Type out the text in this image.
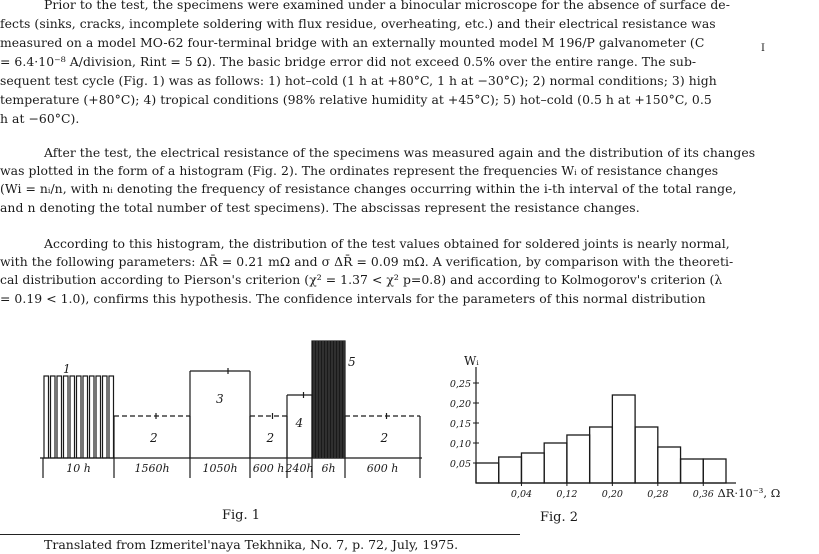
Prior to the test, the specimens were examined under a binocular microscope for the absence of surface de-
fects (sinks, cracks, incomplete soldering with flux residue, overheating, etc.) and their electrical resistance was
measured on a model MO-62 four-terminal bridge with an externally mounted model M 196/P galvanometer (C	I
= 6.4·10⁻⁸ A/division, Rint = 5 Ω). The basic bridge error did not exceed 0.5% over the entire range. The sub-
sequent test cycle (Fig. 1) was as follows: 1) hot–cold (1 h at +80°C, 1 h at −30°C); 2) normal conditions; 3) high
temperature (+80°C); 4) tropical conditions (98% relative humidity at +45°C); 5) hot–cold (0.5 h at +150°C, 0.5
h at −60°C).
After the test, the electrical resistance of the specimens was measured again and the distribution of its changes
was plotted in the form of a histogram (Fig. 2). The ordinates represent the frequencies Wᵢ of resistance changes
(Wi = nᵢ/n, with nᵢ denoting the frequency of resistance changes occurring within the i-th interval of the total range,
and n denoting the total number of test specimens). The abscissas represent the resistance changes.
According to this histogram, the distribution of the test values obtained for soldered joints is nearly normal,
with the following parameters: ΔR̄ = 0.21 mΩ and σ ΔR̄ = 0.09 mΩ. A verification, by comparison with the theoreti-
cal distribution according to Pierson's criterion (χ² = 1.37 < χ² p=0.8) and according to Kolmogorov's criterion (λ
= 0.19 < 1.0), confirms this hypothesis. The confidence intervals for the parameters of this normal distribution
1
10 h
2
1560h
3
1050h
2
600 h
4
240h
5
6h
2
600 h
Fig. 1
Wᵢ
0,05
0,10
0,15
0,20
0,25
0,04	0,12	0,20	0,28	0,36 ΔR·10⁻³, Ω
Fig. 2
Translated from Izmeritel'naya Tekhnika, No. 7, p. 72, July, 1975.
